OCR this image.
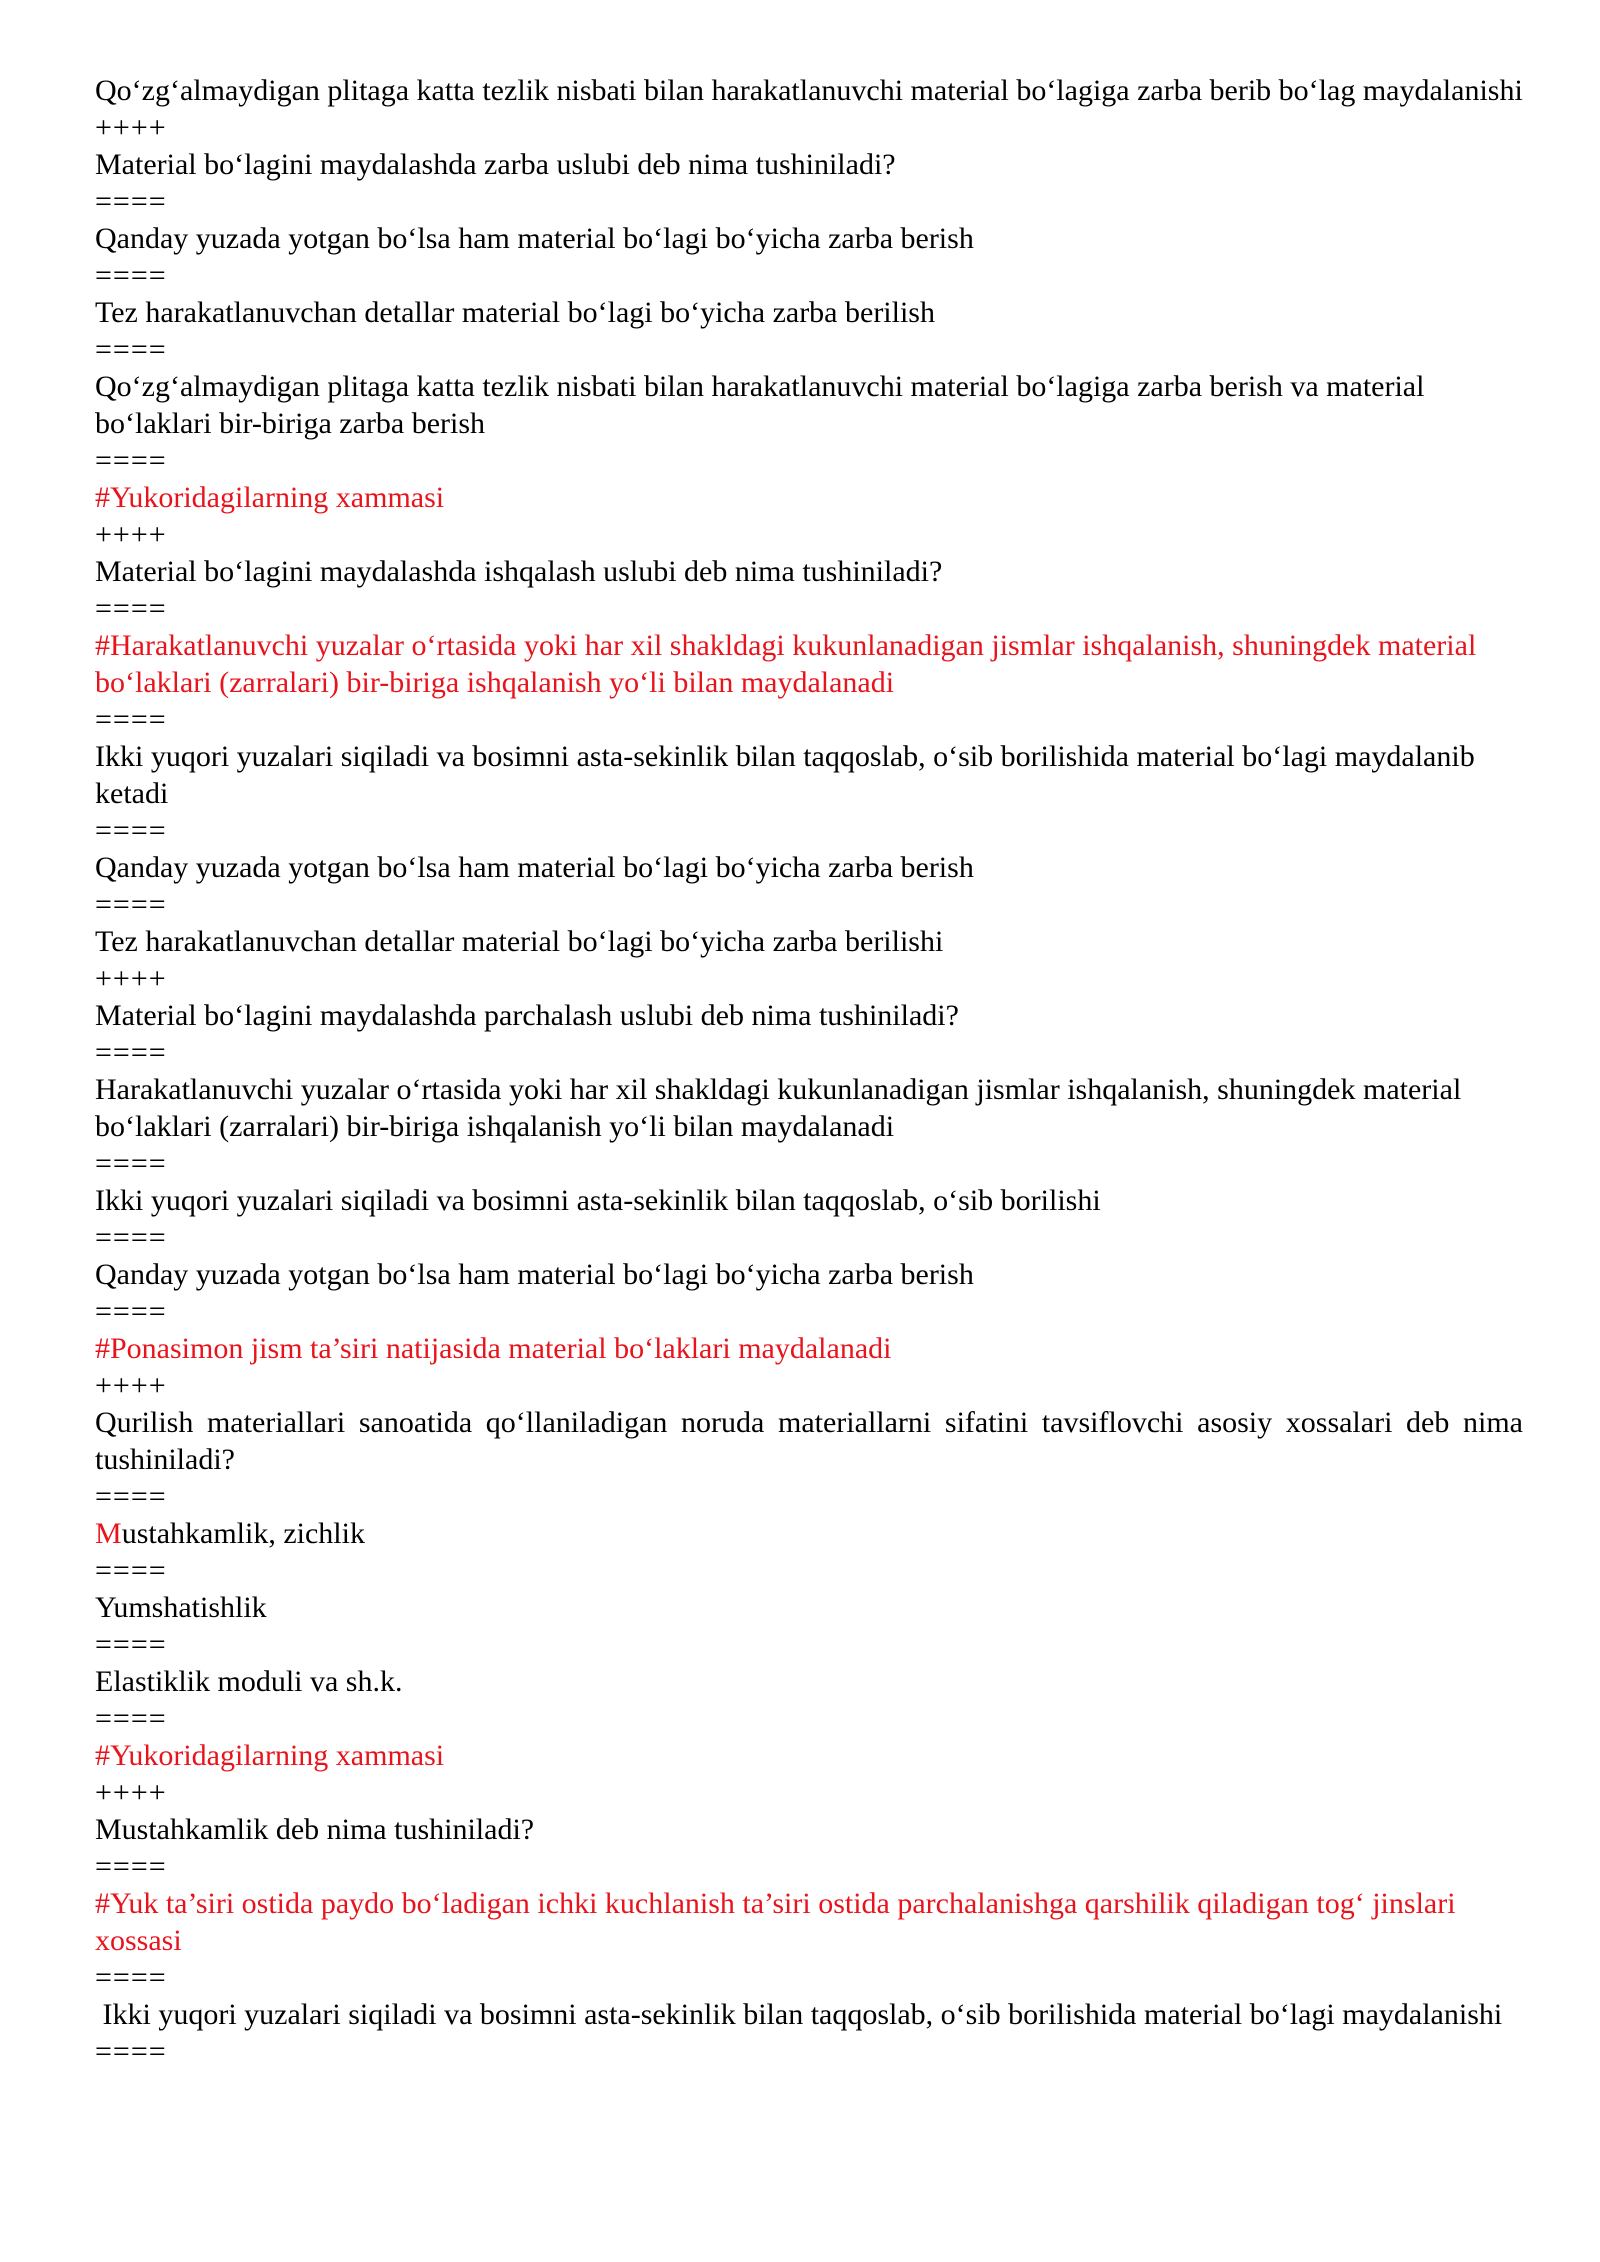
Qo‘zg‘almaydigan plitaga katta tezlik nisbati bilan harakatlanuvchi material bo‘lagiga zarba berib bo‘lag maydalanishi
++++
Material bo‘lagini maydalashda zarba uslubi deb nima tushiniladi?
====
Qanday yuzada yotgan bo‘lsa ham material bo‘lagi bo‘yicha zarba berish
====
Tez harakatlanuvchan detallar material bo‘lagi bo‘yicha zarba berilish
====
Qo‘zg‘almaydigan plitaga katta tezlik nisbati bilan harakatlanuvchi material bo‘lagiga zarba berish va material bo‘laklari bir-biriga zarba berish
====
#Yukoridagilarning xammasi
++++
Material bo‘lagini maydalashda ishqalash uslubi deb nima tushiniladi?
====
#Harakatlanuvchi yuzalar o‘rtasida yoki har xil shakldagi kukunlanadigan jismlar ishqalanish, shuningdek material bo‘laklari (zarralari) bir-biriga ishqalanish yo‘li bilan maydalanadi
====
Ikki yuqori yuzalari siqiladi va bosimni asta-sekinlik bilan taqqoslab, o‘sib borilishida material bo‘lagi maydalanib ketadi
====
Qanday yuzada yotgan bo‘lsa ham material bo‘lagi bo‘yicha zarba berish
====
Tez harakatlanuvchan detallar material bo‘lagi bo‘yicha zarba berilishi
++++
Material bo‘lagini maydalashda parchalash uslubi deb nima tushiniladi?
====
Harakatlanuvchi yuzalar o‘rtasida yoki har xil shakldagi kukunlanadigan jismlar ishqalanish, shuningdek material bo‘laklari (zarralari) bir-biriga ishqalanish yo‘li bilan maydalanadi
====
Ikki yuqori yuzalari siqiladi va bosimni asta-sekinlik bilan taqqoslab, o‘sib borilishi
====
Qanday yuzada yotgan bo‘lsa ham material bo‘lagi bo‘yicha zarba berish
====
#Ponasimon jism ta’siri natijasida material bo‘laklari maydalanadi
++++
Qurilish materiallari sanoatida qo‘llaniladigan noruda materiallarni sifatini tavsiflovchi asosiy xossalari deb nima tushiniladi?
====
Mustahkamlik, zichlik
====
Yumshatishlik
====
Elastiklik moduli va sh.k.
====
#Yukoridagilarning xammasi
++++
Mustahkamlik deb nima tushiniladi?
====
#Yuk ta’siri ostida paydo bo‘ladigan ichki kuchlanish ta’siri ostida parchalanishga qarshilik qiladigan tog‘ jinslari xossasi
====
Ikki yuqori yuzalari siqiladi va bosimni asta-sekinlik bilan taqqoslab, o‘sib borilishida material bo‘lagi maydalanishi
====
